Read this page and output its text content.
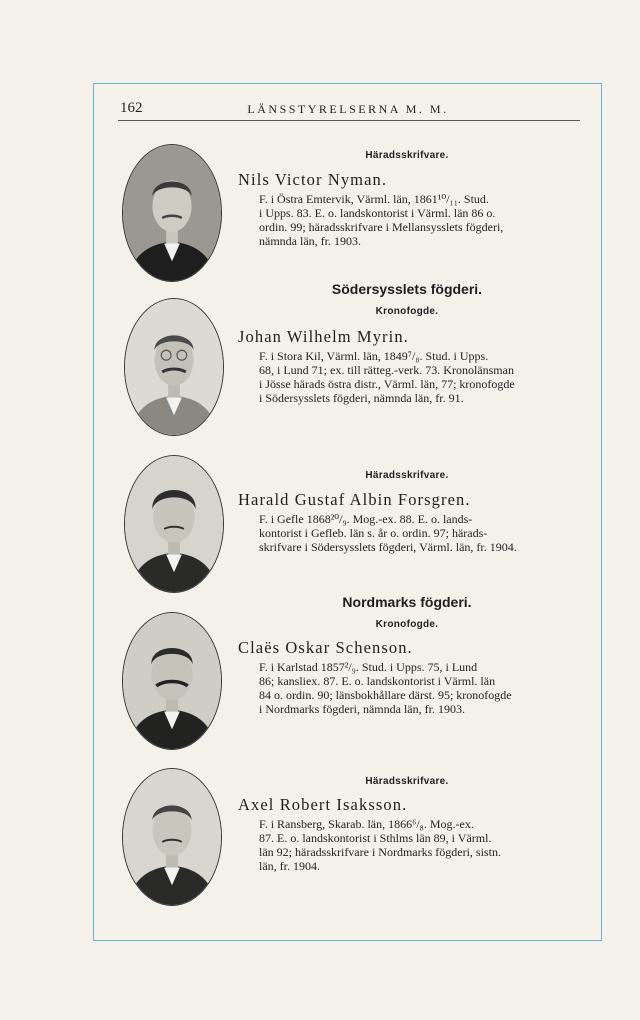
162	LÄNSSTYRELSERNA M. M.
Häradsskrifvare.
Nils Victor Nyman.
F. i Östra Emtervik, Värml. län, 1861¹⁰/₁₁. Stud.
i Upps. 83. E. o. landskontorist i Värml. län 86 o.
ordin. 99; häradsskrifvare i Mellansysslets fögderi,
nämnda län, fr. 1903.
Södersysslets fögderi.
Kronofogde.
Johan Wilhelm Myrin.
F. i Stora Kil, Värml. län, 1849⁷/₈. Stud. i Upps.
68, i Lund 71; ex. till rätteg.-verk. 73. Kronolänsman
i Jösse härads östra distr., Värml. län, 77; kronofogde
i Södersysslets fögderi, nämnda län, fr. 91.
Häradsskrifvare.
Harald Gustaf Albin Forsgren.
F. i Gefle 1868²⁰/₉. Mog.-ex. 88. E. o. lands-
kontorist i Gefleb. län s. år o. ordin. 97; härads-
skrifvare i Södersysslets fögderi, Värml. län, fr. 1904.
Nordmarks fögderi.
Kronofogde.
Claës Oskar Schenson.
F. i Karlstad 1857²/₉. Stud. i Upps. 75, i Lund
86; kansliex. 87. E. o. landskontorist i Värml. län
84 o. ordin. 90; länsbokhållare därst. 95; kronofogde
i Nordmarks fögderi, nämnda län, fr. 1903.
Häradsskrifvare.
Axel Robert Isaksson.
F. i Ransberg, Skarab. län, 1866⁶/₈. Mog.-ex.
87. E. o. landskontorist i Sthlms län 89, i Värml.
län 92; häradsskrifvare i Nordmarks fögderi, sistn.
län, fr. 1904.
